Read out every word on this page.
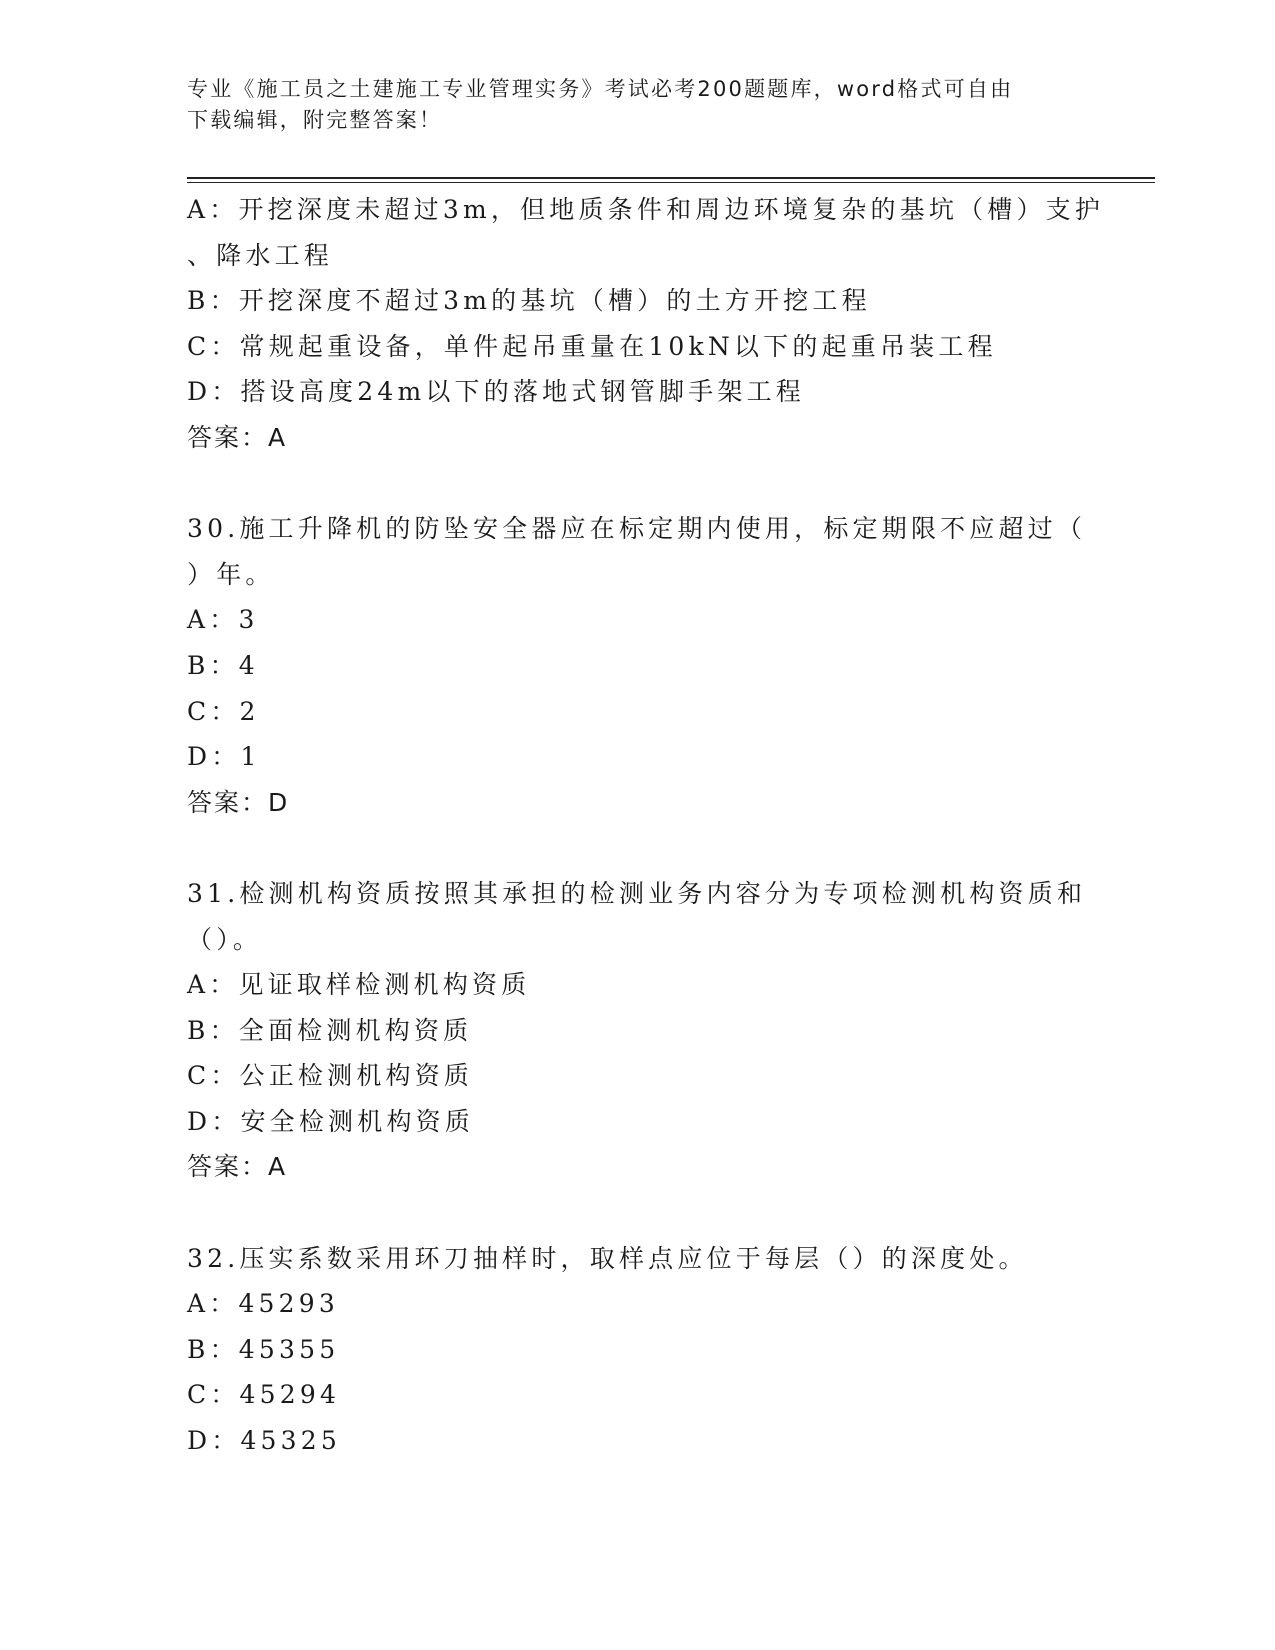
专业《施工员之土建施工专业管理实务》考试必考200题题库，word格式可自由
下载编辑，附完整答案！
A：开挖深度未超过3m，但地质条件和周边环境复杂的基坑（槽）支护
、降水工程
B：开挖深度不超过3m的基坑（槽）的土方开挖工程
C：常规起重设备，单件起吊重量在10kN以下的起重吊装工程
D：搭设高度24m以下的落地式钢管脚手架工程
答案：A
30.施工升降机的防坠安全器应在标定期内使用，标定期限不应超过（
）年。
A：3
B：4
C：2
D：1
答案：D
31.检测机构资质按照其承担的检测业务内容分为专项检测机构资质和
（）。
A：见证取样检测机构资质
B：全面检测机构资质
C：公正检测机构资质
D：安全检测机构资质
答案：A
32.压实系数采用环刀抽样时，取样点应位于每层（）的深度处。
A：45293
B：45355
C：45294
D：45325
